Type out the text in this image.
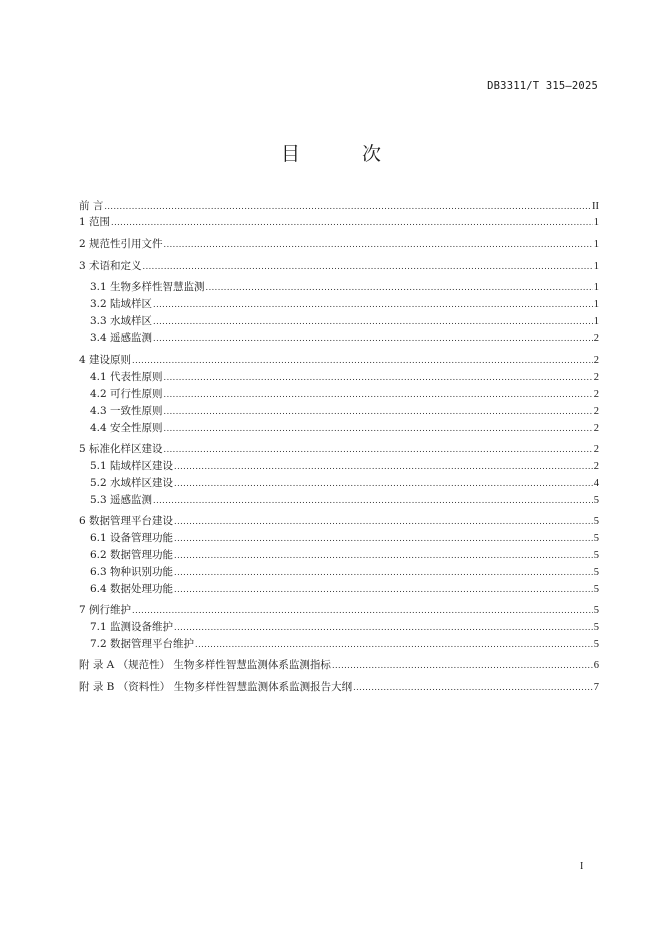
DB3311/T 315—2025
目 次
前 言 .....	II
1 范围 .....	1
2 规范性引用文件 .....	1
3 术语和定义 .....	1
3.1 生物多样性智慧监测 .....	1
3.2 陆域样区 .....	1
3.3 水域样区 .....	1
3.4 遥感监测 .....	2
4 建设原则 .....	2
4.1 代表性原则 .....	2
4.2 可行性原则 .....	2
4.3 一致性原则 .....	2
4.4 安全性原则 .....	2
5 标准化样区建设 .....	2
5.1 陆域样区建设 .....	2
5.2 水域样区建设 .....	4
5.3 遥感监测 .....	5
6 数据管理平台建设 .....	5
6.1 设备管理功能 .....	5
6.2 数据管理功能 .....	5
6.3 物种识别功能 .....	5
6.4 数据处理功能 .....	5
7 例行维护 .....	5
7.1 监测设备维护 .....	5
7.2 数据管理平台维护 .....	5
附 录 A （规范性） 生物多样性智慧监测体系监测指标 .....	6
附 录 B （资料性） 生物多样性智慧监测体系监测报告大纲 .....	7
I
